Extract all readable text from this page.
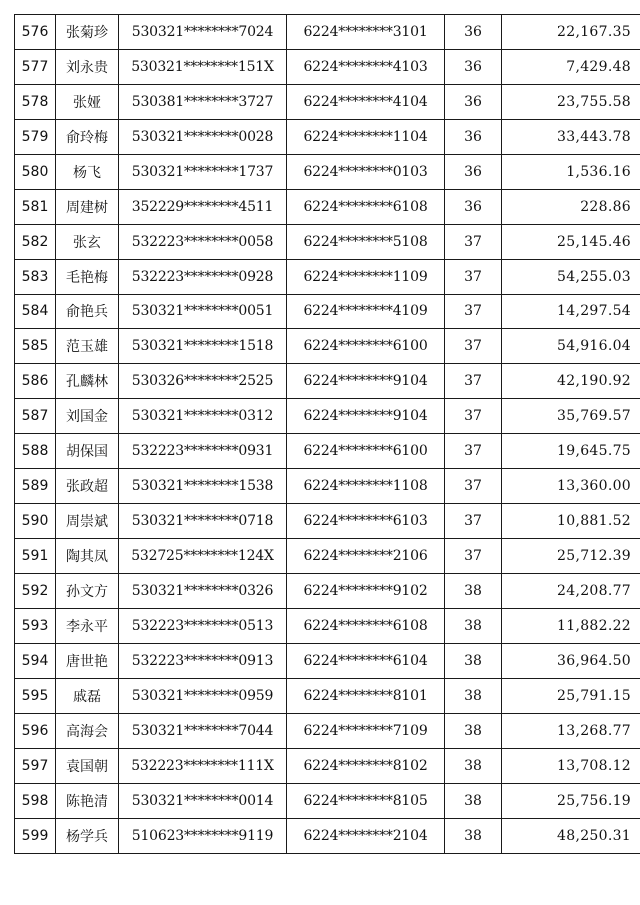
576	张菊珍	530321********7024	6224********3101	36	22,167.35
577	刘永贵	530321********151X	6224********4103	36	7,429.48
578	张娅	530381********3727	6224********4104	36	23,755.58
579	俞玲梅	530321********0028	6224********1104	36	33,443.78
580	杨飞	530321********1737	6224********0103	36	1,536.16
581	周建树	352229********4511	6224********6108	36	228.86
582	张玄	532223********0058	6224********5108	37	25,145.46
583	毛艳梅	532223********0928	6224********1109	37	54,255.03
584	俞艳兵	530321********0051	6224********4109	37	14,297.54
585	范玉雄	530321********1518	6224********6100	37	54,916.04
586	孔麟林	530326********2525	6224********9104	37	42,190.92
587	刘国金	530321********0312	6224********9104	37	35,769.57
588	胡保国	532223********0931	6224********6100	37	19,645.75
589	张政超	530321********1538	6224********1108	37	13,360.00
590	周崇斌	530321********0718	6224********6103	37	10,881.52
591	陶其凤	532725********124X	6224********2106	37	25,712.39
592	孙文方	530321********0326	6224********9102	38	24,208.77
593	李永平	532223********0513	6224********6108	38	11,882.22
594	唐世艳	532223********0913	6224********6104	38	36,964.50
595	戚磊	530321********0959	6224********8101	38	25,791.15
596	高海会	530321********7044	6224********7109	38	13,268.77
597	袁国朝	532223********111X	6224********8102	38	13,708.12
598	陈艳清	530321********0014	6224********8105	38	25,756.19
599	杨学兵	510623********9119	6224********2104	38	48,250.31
